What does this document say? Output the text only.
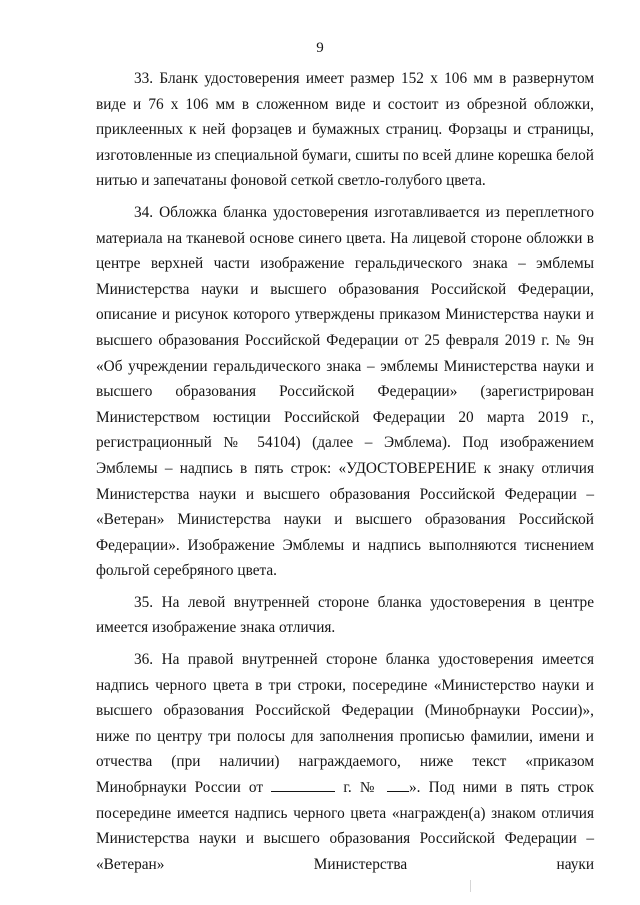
9

33. Бланк удостоверения имеет размер 152 х 106 мм в развернутом виде и 76 х 106 мм в сложенном виде и состоит из обрезной обложки, приклеенных к ней форзацев и бумажных страниц. Форзацы и страницы, изготовленные из специальной бумаги, сшиты по всей длине корешка белой нитью и запечатаны фоновой сеткой светло-голубого цвета.

34. Обложка бланка удостоверения изготавливается из переплетного материала на тканевой основе синего цвета. На лицевой стороне обложки в центре верхней части изображение геральдического знака – эмблемы Министерства науки и высшего образования Российской Федерации, описание и рисунок которого утверждены приказом Министерства науки и высшего образования Российской Федерации от 25 февраля 2019 г. № 9н «Об учреждении геральдического знака – эмблемы Министерства науки и высшего образования Российской Федерации» (зарегистрирован Министерством юстиции Российской Федерации 20 марта 2019 г., регистрационный № 54104) (далее – Эмблема). Под изображением Эмблемы – надпись в пять строк: «УДОСТОВЕРЕНИЕ к знаку отличия Министерства науки и высшего образования Российской Федерации – «Ветеран» Министерства науки и высшего образования Российской Федерации». Изображение Эмблемы и надпись выполняются тиснением фольгой серебряного цвета.

35. На левой внутренней стороне бланка удостоверения в центре имеется изображение знака отличия.

36. На правой внутренней стороне бланка удостоверения имеется надпись черного цвета в три строки, посередине «Министерство науки и высшего образования Российской Федерации (Минобрнауки России)», ниже по центру три полосы для заполнения прописью фамилии, имени и отчества (при наличии) награждаемого, ниже текст «приказом Минобрнауки России от	г. № ». Под ними в пять строк посередине имеется надпись черного цвета «награжден(а) знаком отличия Министерства науки и высшего образования Российской Федерации – «Ветеран» Министерства науки
